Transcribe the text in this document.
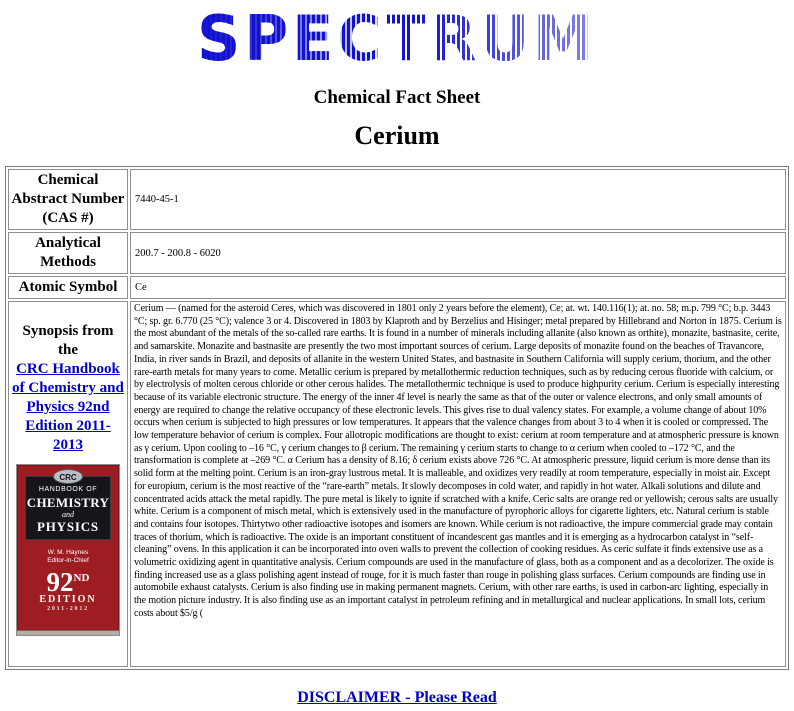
SPECTRUM
Chemical Fact Sheet
Cerium
Chemical Abstract Number (CAS #)	7440-45-1
Analytical Methods	200.7 - 200.8 - 6020
Atomic Symbol	Ce
Synopsis from the
CRC Handbook of Chemistry and Physics 92nd Edition 2011-2013
CRC
HANDBOOK OF
CHEMISTRY
and
PHYSICS
W. M. Haynes
Editor-in-Chief
92ND
EDITION
2011-2012
	Cerium — (named for the asteroid Ceres, which was discovered in 1801 only 2 years before the element), Ce; at. wt. 140.116(1); at. no. 58; m.p. 799 °C; b.p. 3443 °C; sp. gr. 6.770 (25 °C); valence 3 or 4. Discovered in 1803 by Klaproth and by Berzelius and Hisinger; metal prepared by Hillebrand and Norton in 1875. Cerium is the most abundant of the metals of the so-called rare earths. It is found in a number of minerals including allanite (also known as orthite), monazite, bastnasite, cerite, and samarskite. Monazite and bastnasite are presently the two most important sources of cerium. Large deposits of monazite found on the beaches of Travancore, India, in river sands in Brazil, and deposits of allanite in the western United States, and bastnasite in Southern California will supply cerium, thorium, and the other rare-earth metals for many years to come. Metallic cerium is prepared by metallothermic reduction techniques, such as by reducing cerous fluoride with calcium, or by electrolysis of molten cerous chloride or other cerous halides. The metallothermic technique is used to produce highpurity cerium. Cerium is especially interesting because of its variable electronic structure. The energy of the inner 4f level is nearly the same as that of the outer or valence electrons, and only small amounts of energy are required to change the relative occupancy of these electronic levels. This gives rise to dual valency states. For example, a volume change of about 10% occurs when cerium is subjected to high pressures or low temperatures. It appears that the valence changes from about 3 to 4 when it is cooled or compressed. The low temperature behavior of cerium is complex. Four allotropic modifications are thought to exist: cerium at room temperature and at atmospheric pressure is known as γ cerium. Upon cooling to –16 °C, γ cerium changes to β cerium. The remaining γ cerium starts to change to α cerium when cooled to –172 °C, and the transformation is complete at –269 °C. α Cerium has a density of 8.16; δ cerium exists above 726 °C. At atmospheric pressure, liquid cerium is more dense than its solid form at the melting point. Cerium is an iron-gray lustrous metal. It is malleable, and oxidizes very readily at room temperature, especially in moist air. Except for europium, cerium is the most reactive of the “rare-earth” metals. It slowly decomposes in cold water, and rapidly in hot water. Alkali solutions and dilute and concentrated acids attack the metal rapidly. The pure metal is likely to ignite if scratched with a knife. Ceric salts are orange red or yellowish; cerous salts are usually white. Cerium is a component of misch metal, which is extensively used in the manufacture of pyrophoric alloys for cigarette lighters, etc. Natural cerium is stable and contains four isotopes. Thirtytwo other radioactive isotopes and isomers are known. While cerium is not radioactive, the impure commercial grade may contain traces of thorium, which is radioactive. The oxide is an important constituent of incandescent gas mantles and it is emerging as a hydrocarbon catalyst in “self-cleaning” ovens. In this application it can be incorporated into oven walls to prevent the collection of cooking residues. As ceric sulfate it finds extensive use as a volumetric oxidizing agent in quantitative analysis. Cerium compounds are used in the manufacture of glass, both as a component and as a decolorizer. The oxide is finding increased use as a glass polishing agent instead of rouge, for it is much faster than rouge in polishing glass surfaces. Cerium compounds are finding use in automobile exhaust catalysts. Cerium is also finding use in making permanent magnets. Cerium, with other rare earths, is used in carbon-arc lighting, especially in the motion picture industry. It is also finding use as an important catalyst in petroleum refining and in metallurgical and nuclear applications. In small lots, cerium costs about $5/g (
DISCLAIMER - Please Read
